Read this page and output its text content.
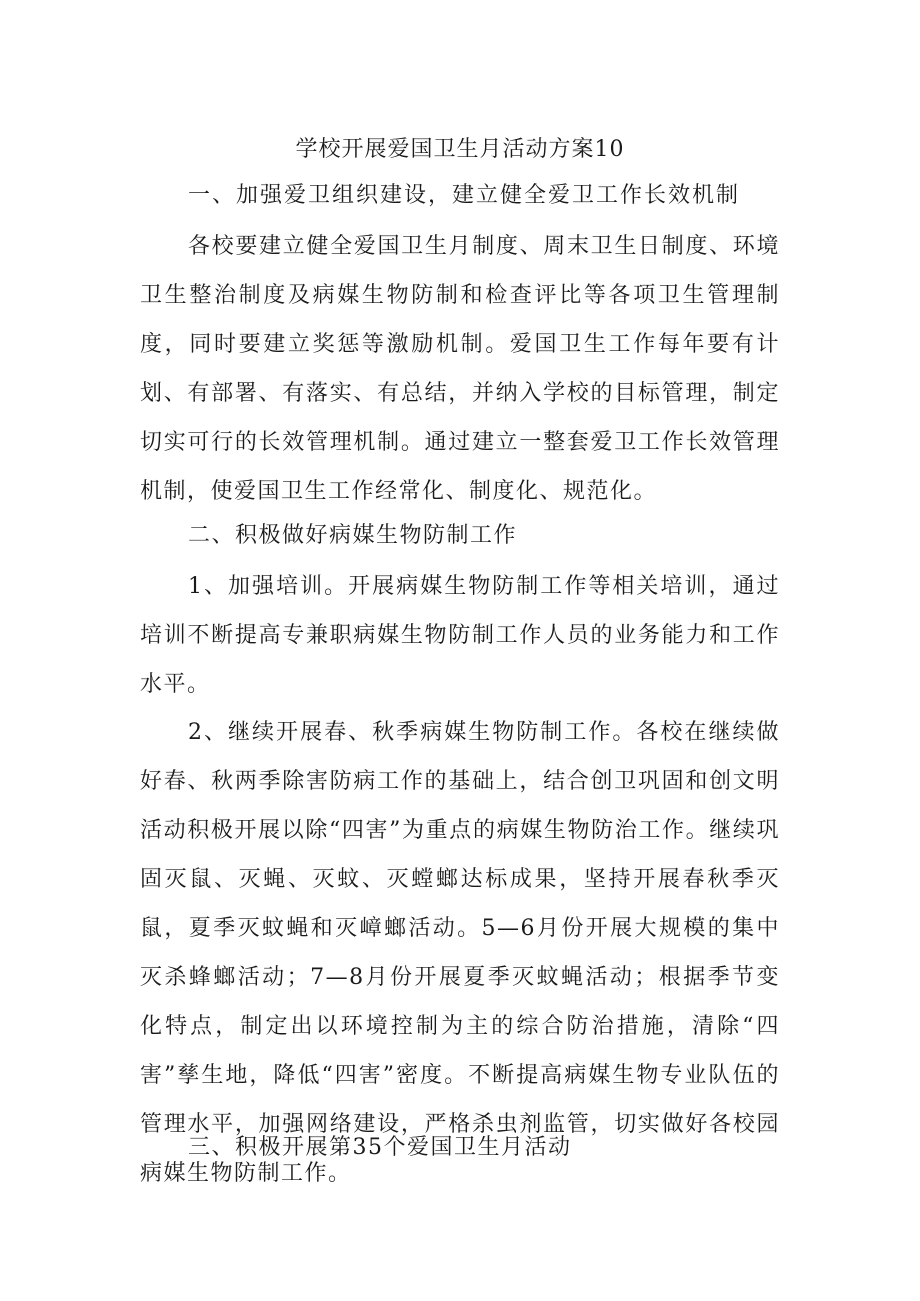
学校开展爱国卫生月活动方案10
一、加强爱卫组织建设，建立健全爱卫工作长效机制
各校要建立健全爱国卫生月制度、周末卫生日制度、环境卫生整治制度及病媒生物防制和检查评比等各项卫生管理制度，同时要建立奖惩等激励机制。爱国卫生工作每年要有计划、有部署、有落实、有总结，并纳入学校的目标管理，制定切实可行的长效管理机制。通过建立一整套爱卫工作长效管理机制，使爱国卫生工作经常化、制度化、规范化。
二、积极做好病媒生物防制工作
1、加强培训。开展病媒生物防制工作等相关培训，通过培训不断提高专兼职病媒生物防制工作人员的业务能力和工作水平。
2、继续开展春、秋季病媒生物防制工作。各校在继续做好春、秋两季除害防病工作的基础上，结合创卫巩固和创文明活动积极开展以除“四害”为重点的病媒生物防治工作。继续巩固灭鼠、灭蝇、灭蚊、灭螳螂达标成果，坚持开展春秋季灭鼠，夏季灭蚊蝇和灭嶂螂活动。5—6月份开展大规模的集中灭杀蜂螂活动；7—8月份开展夏季灭蚊蝇活动；根据季节变化特点，制定出以环境控制为主的综合防治措施，清除“四害”孳生地，降低“四害”密度。不断提高病媒生物专业队伍的管理水平，加强网络建设，严格杀虫剂监管，切实做好各校园病媒生物防制工作。
三、积极开展第35个爱国卫生月活动
